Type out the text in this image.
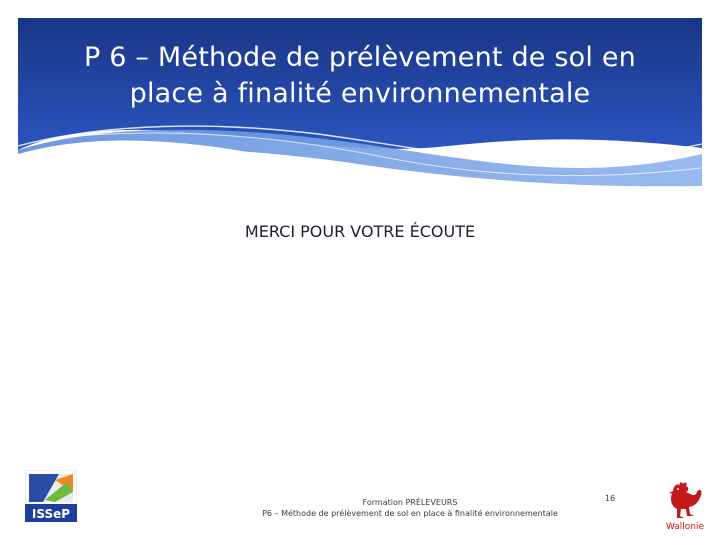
P 6 – Méthode de prélèvement de sol en
place à finalité environnementale
MERCI POUR VOTRE ÉCOUTE
ISSeP
Formation PRÉLEVEURS
P6 – Méthode de prélèvement de sol en place à finalité environnementale
16
Wallonie
